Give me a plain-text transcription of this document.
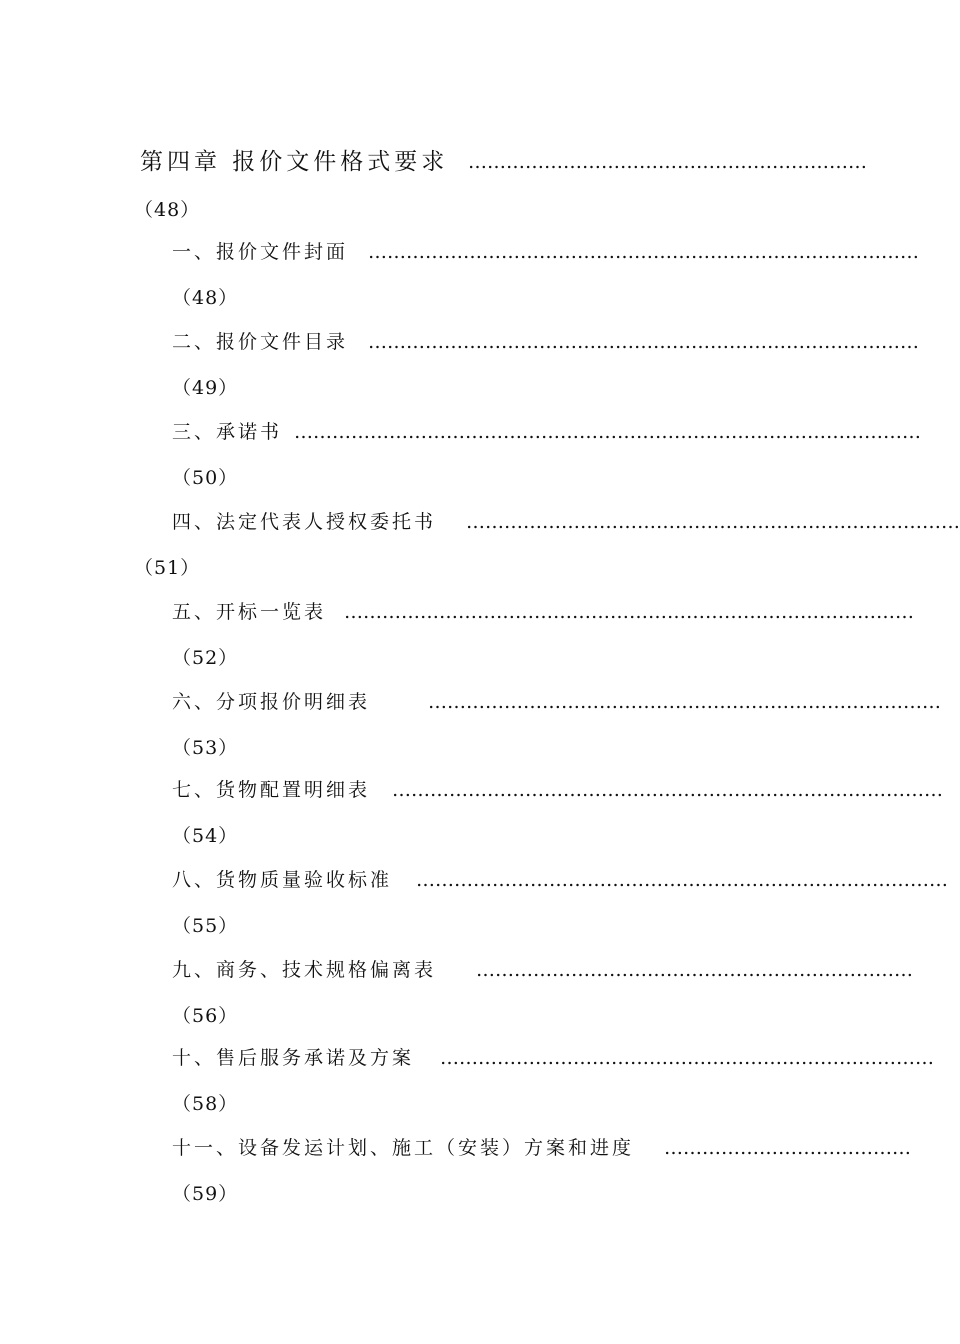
第四章 报价文件格式要求 ………………………………………………………
（48）
一、报价文件封面 ……………………………………………………………………………
（48）
二、报价文件目录 ……………………………………………………………………………
（49）
三、承诺书 ………………………………………………………………………………………
（50）
四、法定代表人授权委托书 ……………………………………………………………………
（51）
五、开标一览表 ………………………………………………………………………………
（52）
六、分项报价明细表	………………………………………………………………………
（53）
七、货物配置明细表 ……………………………………………………………………………
（54）
八、货物质量验收标准 …………………………………………………………………………
（55）
九、商务、技术规格偏离表 ……………………………………………………………
（56）
十、售后服务承诺及方案 ……………………………………………………………………
（58）
十一、设备发运计划、施工（安装）方案和进度 …………………………………
（59）
